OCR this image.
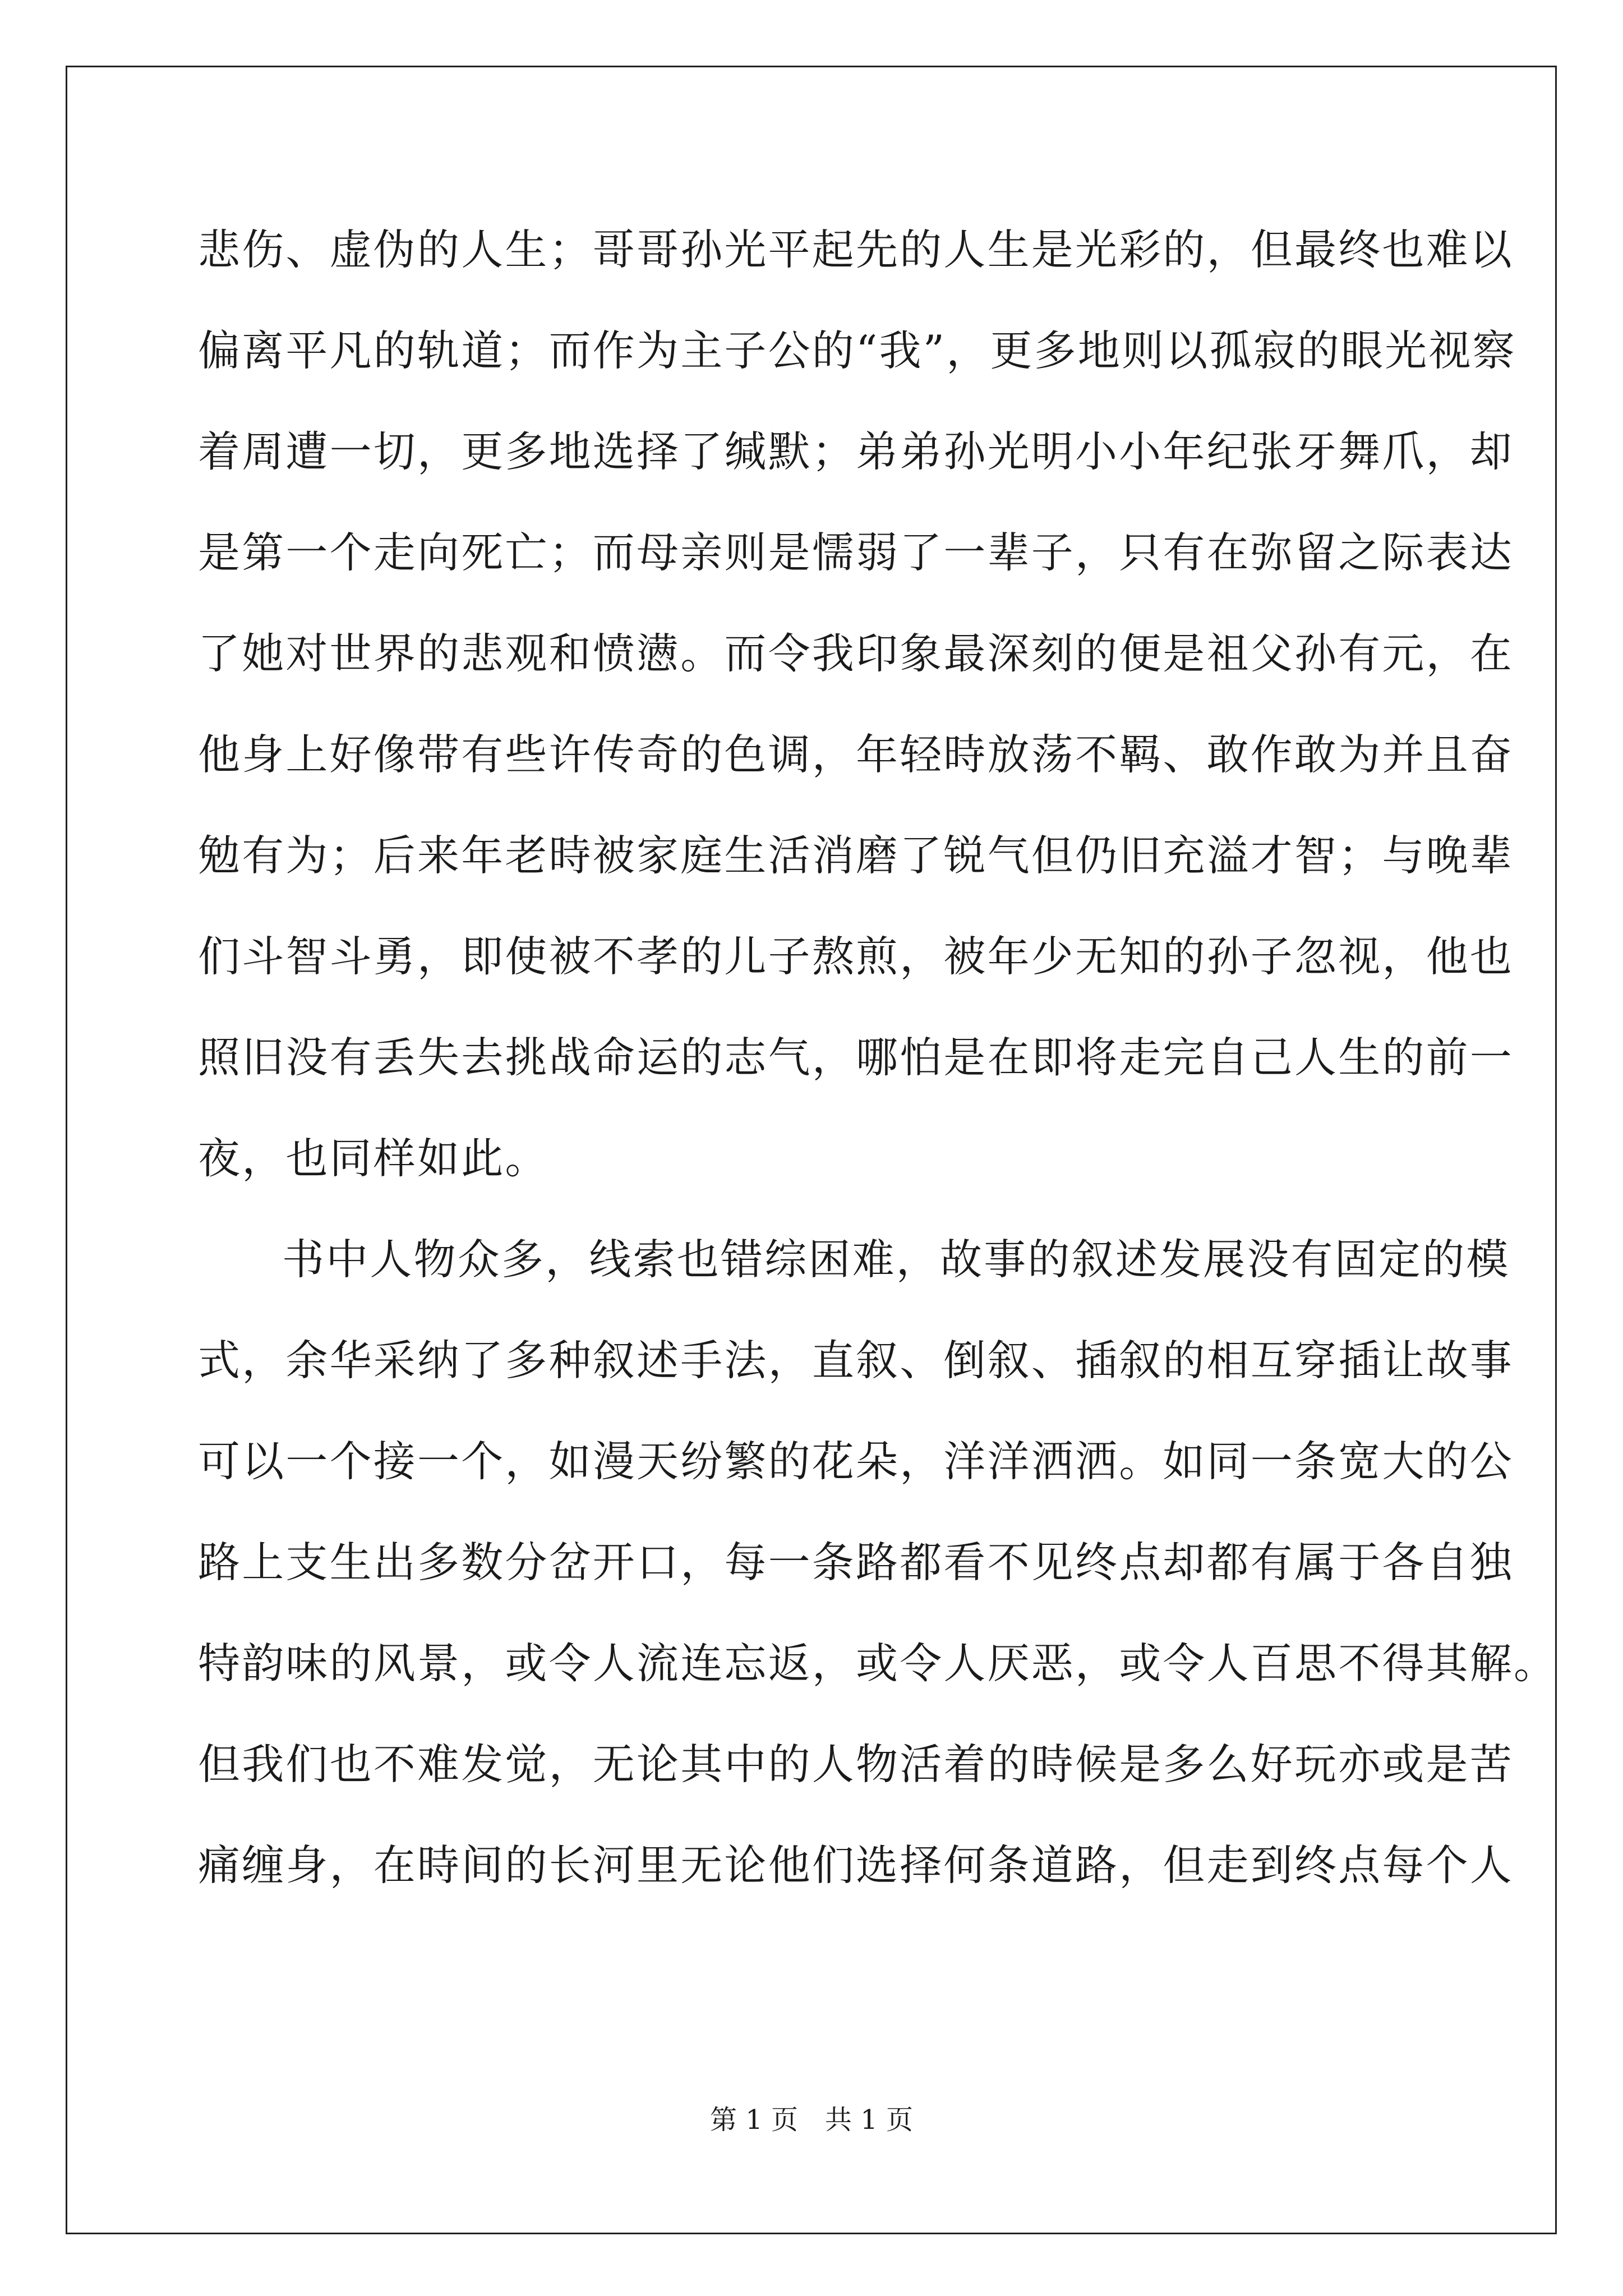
悲伤、虚伪的人生；哥哥孙光平起先的人生是光彩的，但最终也难以
偏离平凡的轨道；而作为主子公的“我”，更多地则以孤寂的眼光视察
着周遭一切，更多地选择了缄默；弟弟孙光明小小年纪张牙舞爪，却
是第一个走向死亡；而母亲则是懦弱了一辈子，只有在弥留之际表达
了她对世界的悲观和愤懑。而令我印象最深刻的便是祖父孙有元，在
他身上好像带有些许传奇的色调，年轻時放荡不羁、敢作敢为并且奋
勉有为；后来年老時被家庭生活消磨了锐气但仍旧充溢才智；与晚辈
们斗智斗勇，即使被不孝的儿子熬煎，被年少无知的孙子忽视，他也
照旧没有丢失去挑战命运的志气，哪怕是在即将走完自己人生的前一
夜，也同样如此。
书中人物众多，线索也错综困难，故事的叙述发展没有固定的模
式，余华采纳了多种叙述手法，直叙、倒叙、插叙的相互穿插让故事
可以一个接一个，如漫天纷繁的花朵，洋洋洒洒。如同一条宽大的公
路上支生出多数分岔开口，每一条路都看不见终点却都有属于各自独
特韵味的风景，或令人流连忘返，或令人厌恶，或令人百思不得其解。
但我们也不难发觉，无论其中的人物活着的時候是多么好玩亦或是苦
痛缠身，在時间的长河里无论他们选择何条道路，但走到终点每个人
第 1 页　共 1 页
